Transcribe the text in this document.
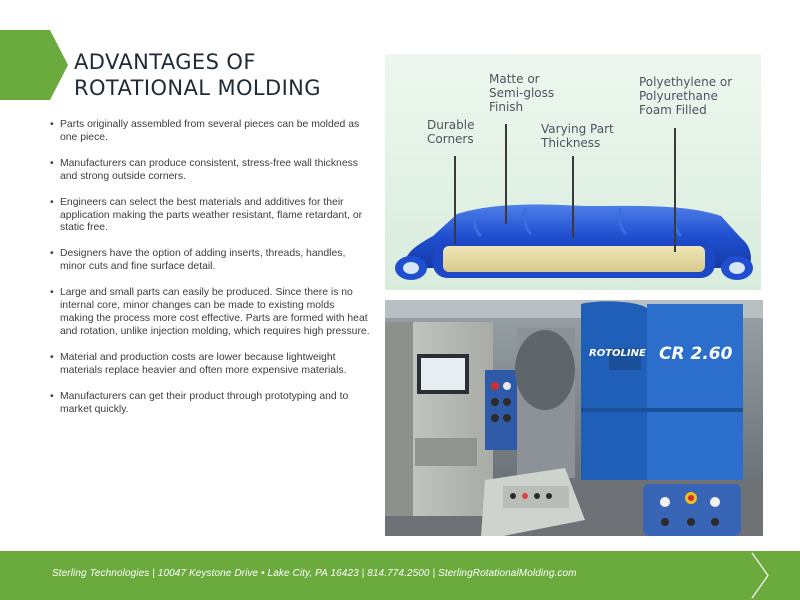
ADVANTAGES OF
ROTATIONAL MOLDING
• Parts originally assembled from several pieces can be molded as one piece.
• Manufacturers can produce consistent, stress-free wall thickness and strong outside corners.
• Engineers can select the best materials and additives for their application making the parts weather resistant, flame retardant, or static free.
• Designers have the option of adding inserts, threads, handles, minor cuts and fine surface detail.
• Large and small parts can easily be produced. Since there is no internal core, minor changes can be made to existing molds making the process more cost effective. Parts are formed with heat and rotation, unlike injection molding, which requires high pressure.
• Material and production costs are lower because lightweight materials replace heavier and often more expensive materials.
• Manufacturers can get their product through prototyping and to market quickly.
Durable
Corners
Matte or
Semi-gloss
Finish
Varying Part
Thickness
Polyethylene or
Polyurethane
Foam Filled
ROTOLINE CR 2.60
Sterling Technologies | 10047 Keystone Drive • Lake City, PA 16423 | 814.774.2500 | SterlingRotationalMolding.com
